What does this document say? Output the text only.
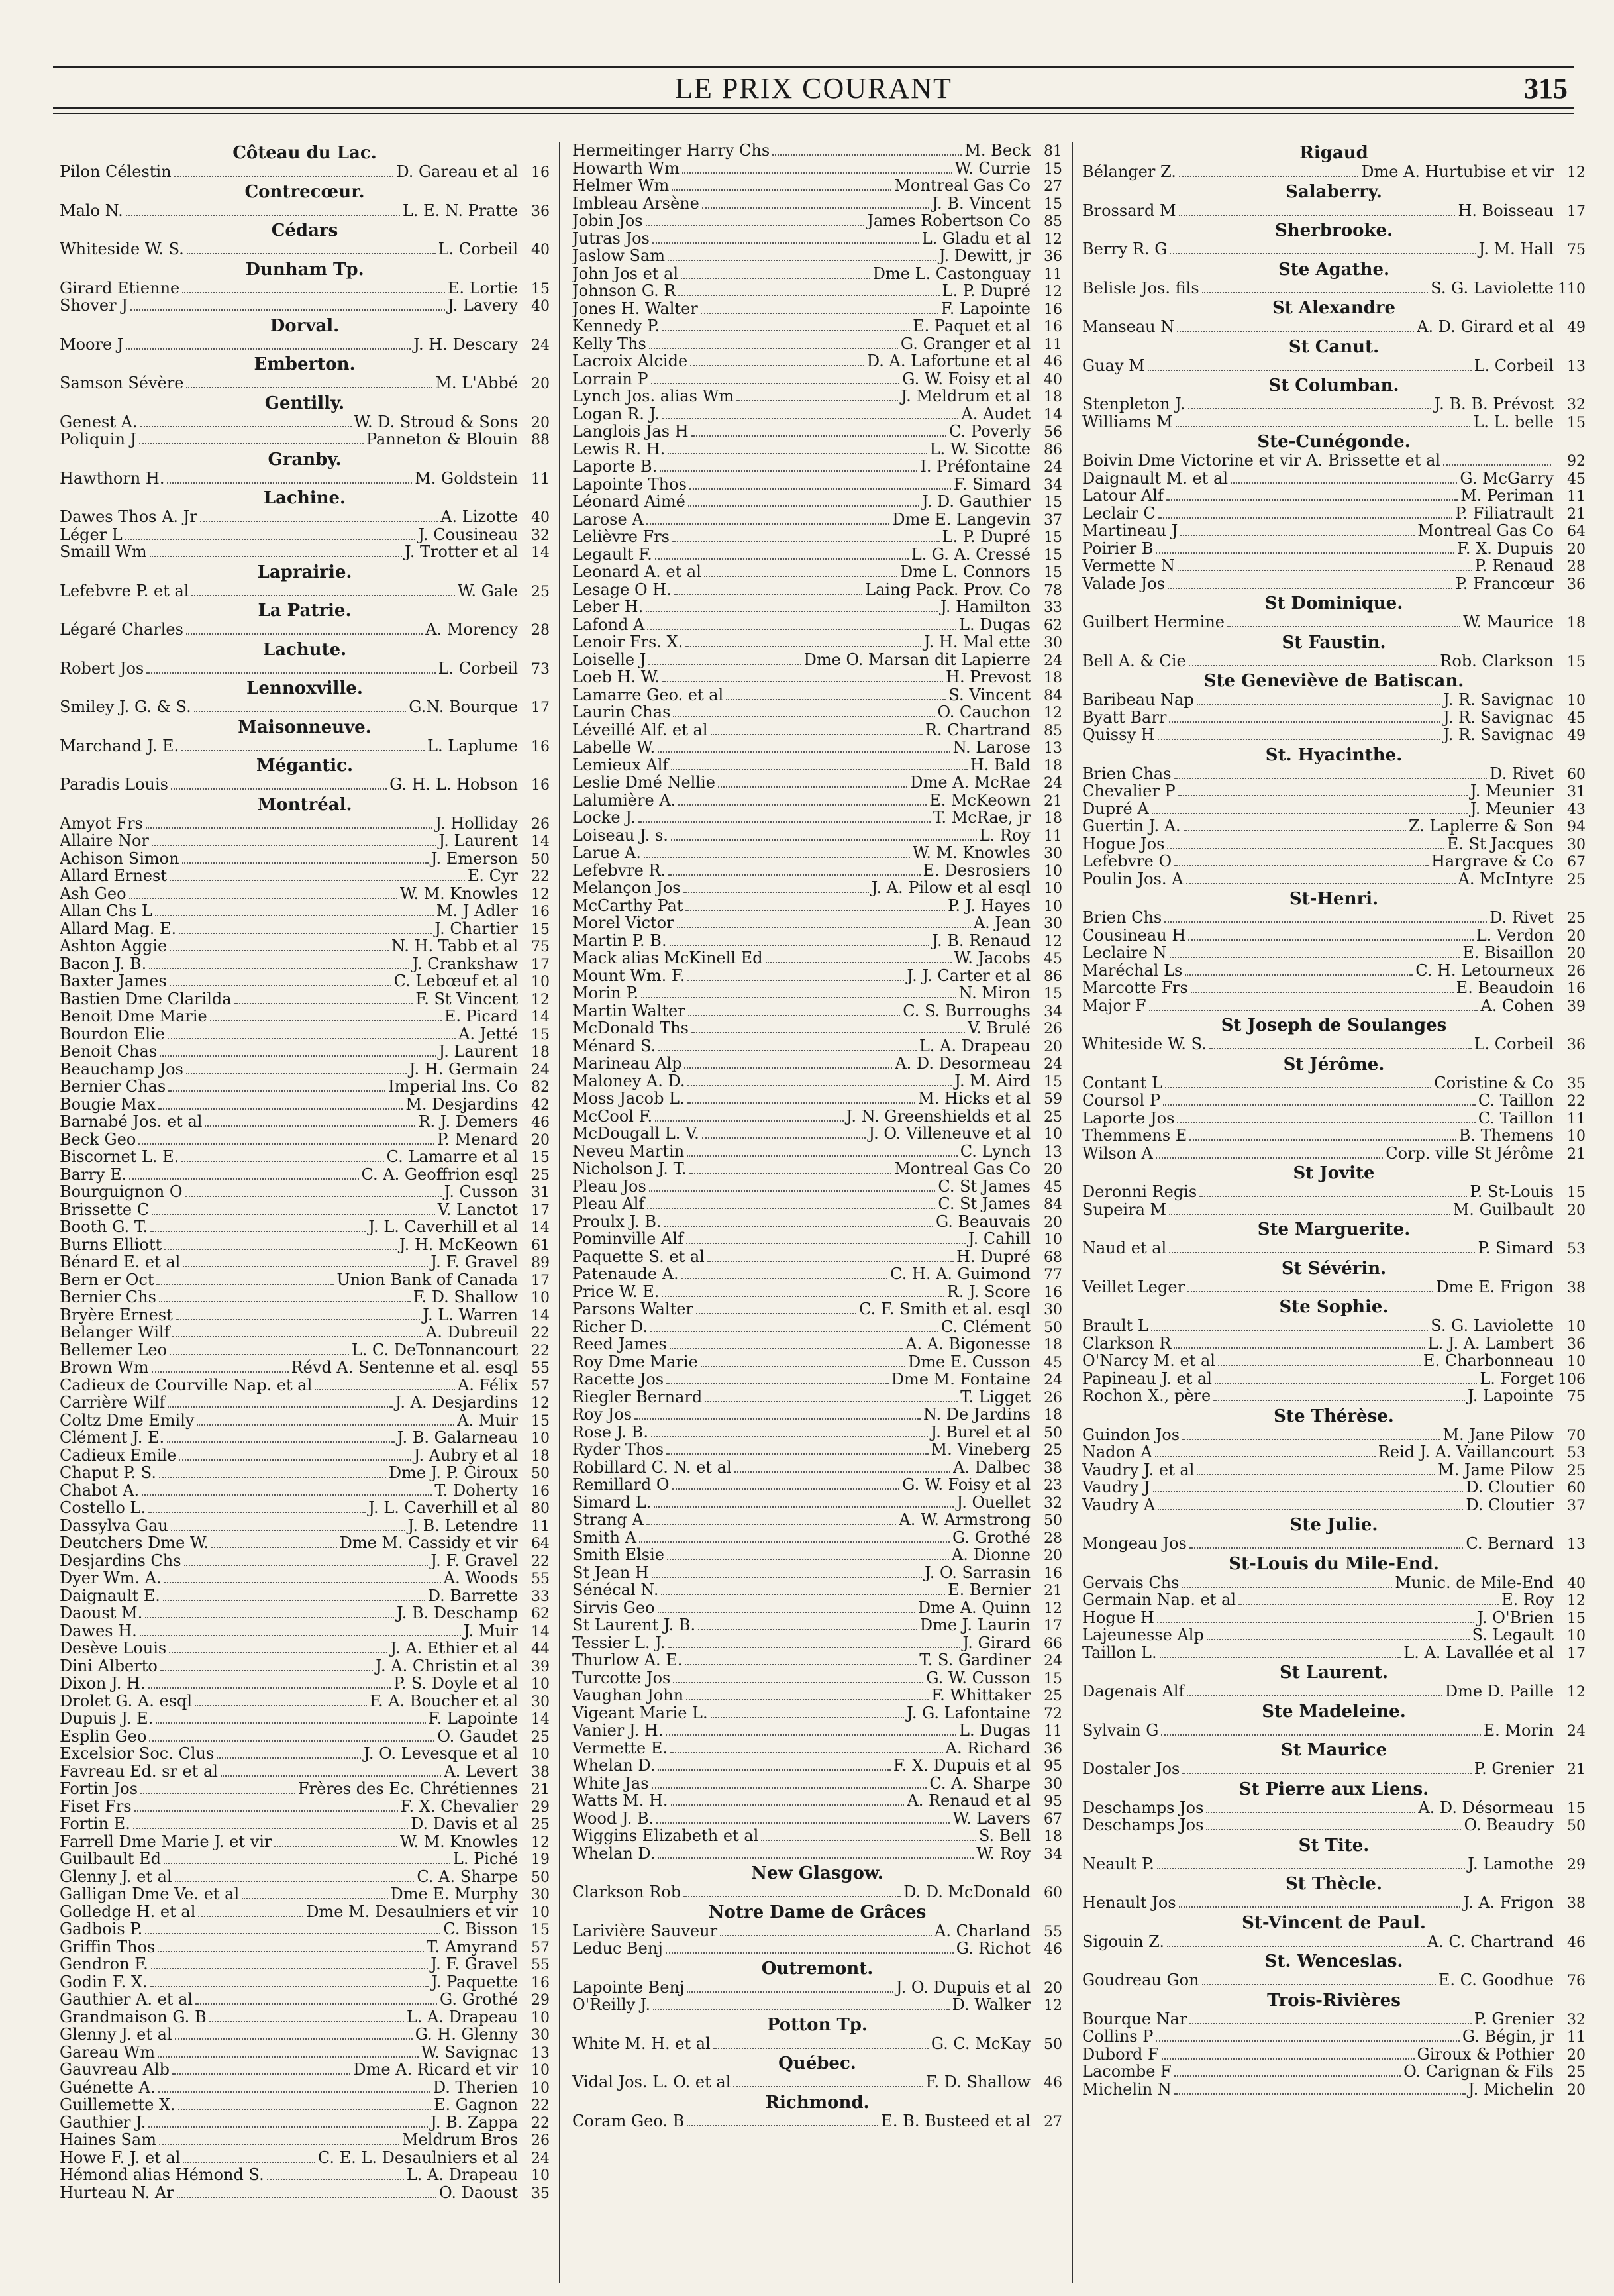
LE PRIX COURANT	315
Côteau du Lac.
Pilon Célestin	D. Gareau et al 16
Contrecœur.
Malo N.	L. E. N. Pratte 36
Cédars
Whiteside W. S.	L. Corbeil 40
Dunham Tp.
Girard Etienne	E. Lortie 15
Shover J	J. Lavery 40
Dorval.
Moore J	J. H. Descary 24
Emberton.
Samson Sévère	M. L'Abbé 20
Gentilly.
Genest A.	W. D. Stroud & Sons 20
Poliquin J	Panneton & Blouin 88
Granby.
Hawthorn H.	M. Goldstein 11
Lachine.
Dawes Thos A. Jr	A. Lizotte 40
Léger L	J. Cousineau 32
Smaill Wm	J. Trotter et al 14
Laprairie.
Lefebvre P. et al	W. Gale 25
La Patrie.
Légaré Charles	A. Morency 28
Lachute.
Robert Jos	L. Corbeil 73
Lennoxville.
Smiley J. G. & S.	G.N. Bourque 17
Maisonneuve.
Marchand J. E.	L. Laplume 16
Mégantic.
Paradis Louis	G. H. L. Hobson 16
Montréal.
Amyot Frs	J. Holliday 26
Allaire Nor	J. Laurent 14
Achison Simon	J. Emerson 50
Allard Ernest	E. Cyr 22
Ash Geo	W. M. Knowles 12
Allan Chs L	M. J Adler 16
Allard Mag. E.	J. Chartier 15
Ashton Aggie	N. H. Tabb et al 75
Bacon J. B.	J. Crankshaw 17
Baxter James	C. Lebœuf et al 10
Bastien Dme Clarilda	F. St Vincent 12
Benoit Dme Marie	E. Picard 14
Bourdon Elie	A. Jetté 15
Benoit Chas	J. Laurent 18
Beauchamp Jos	J. H. Germain 24
Bernier Chas	Imperial Ins. Co 82
Bougie Max	M. Desjardins 42
Barnabé Jos. et al	R. J. Demers 46
Beck Geo	P. Menard 20
Biscornet L. E.	C. Lamarre et al 15
Barry E.	C. A. Geoffrion esql 25
Bourguignon O	J. Cusson 31
Brissette C	V. Lanctot 17
Booth G. T.	J. L. Caverhill et al 14
Burns Elliott	J. H. McKeown 61
Bénard E. et al	J. F. Gravel 89
Bern er Oct	Union Bank of Canada 17
Bernier Chs	F. D. Shallow 10
Bryère Ernest	J. L. Warren 14
Belanger Wilf	A. Dubreuil 22
Bellemer Leo	L. C. DeTonnancourt 22
Brown Wm	Révd A. Sentenne et al. esql 55
Cadieux de Courville Nap. et al	A. Félix 57
Carrière Wilf	J. A. Desjardins 12
Coltz Dme Emily	A. Muir 15
Clément J. E.	J. B. Galarneau 10
Cadieux Emile	J. Aubry et al 18
Chaput P. S.	Dme J. P. Giroux 50
Chabot A.	T. Doherty 16
Costello L.	J. L. Caverhill et al 80
Dassylva Gau	J. B. Letendre 11
Deutchers Dme W.	Dme M. Cassidy et vir 64
Desjardins Chs	J. F. Gravel 22
Dyer Wm. A.	A. Woods 55
Daignault E.	D. Barrette 33
Daoust M.	J. B. Deschamp 62
Dawes H.	J. Muir 14
Desève Louis	J. A. Ethier et al 44
Dini Alberto	J. A. Christin et al 39
Dixon J. H.	P. S. Doyle et al 10
Drolet G. A. esql	F. A. Boucher et al 30
Dupuis J. E.	F. Lapointe 14
Esplin Geo	O. Gaudet 25
Excelsior Soc. Clus	J. O. Levesque et al 10
Favreau Ed. sr et al	A. Levert 38
Fortin Jos	Frères des Ec. Chrétiennes 21
Fiset Frs	F. X. Chevalier 29
Fortin E.	D. Davis et al 25
Farrell Dme Marie J. et vir	W. M. Knowles 12
Guilbault Ed	L. Piché 19
Glenny J. et al	C. A. Sharpe 50
Galligan Dme Ve. et al	Dme E. Murphy 30
Golledge H. et al	Dme M. Desaulniers et vir 10
Gadbois P.	C. Bisson 15
Griffin Thos	T. Amyrand 57
Gendron F.	J. F. Gravel 55
Godin F. X.	J. Paquette 16
Gauthier A. et al	G. Grothé 29
Grandmaison G. B	L. A. Drapeau 10
Glenny J. et al	G. H. Glenny 30
Gareau Wm	W. Savignac 13
Gauvreau Alb	Dme A. Ricard et vir 10
Guénette A.	D. Therien 10
Guillemette X.	E. Gagnon 22
Gauthier J.	J. B. Zappa 22
Haines Sam	Meldrum Bros 26
Howe F. J. et al	C. E. L. Desaulniers et al 24
Hémond alias Hémond S.	L. A. Drapeau 10
Hurteau N. Ar	O. Daoust 35
Hermeitinger Harry Chs	M. Beck 81
Howarth Wm	W. Currie 15
Helmer Wm	Montreal Gas Co 27
Imbleau Arsène	J. B. Vincent 15
Jobin Jos	James Robertson Co 85
Jutras Jos	L. Gladu et al 12
Jaslow Sam	J. Dewitt, jr 36
John Jos et al	Dme L. Castonguay 11
Johnson G. R	L. P. Dupré 12
Jones H. Walter	F. Lapointe 16
Kennedy P.	E. Paquet et al 16
Kelly Ths	G. Granger et al 11
Lacroix Alcide	D. A. Lafortune et al 46
Lorrain P	G. W. Foisy et al 40
Lynch Jos. alias Wm	J. Meldrum et al 18
Logan R. J.	A. Audet 14
Langlois Jas H	C. Poverly 56
Lewis R. H.	L. W. Sicotte 86
Laporte B.	I. Préfontaine 24
Lapointe Thos	F. Simard 34
Léonard Aimé	J. D. Gauthier 15
Larose A	Dme E. Langevin 37
Lelièvre Frs	L. P. Dupré 15
Legault F.	L. G. A. Cressé 15
Leonard A. et al	Dme L. Connors 15
Lesage O H.	Laing Pack. Prov. Co 78
Leber H.	J. Hamilton 33
Lafond A	L. Dugas 62
Lenoir Frs. X.	J. H. Mal ette 30
Loiselle J	Dme O. Marsan dit Lapierre 24
Loeb H. W.	H. Prevost 18
Lamarre Geo. et al	S. Vincent 84
Laurin Chas	O. Cauchon 12
Léveillé Alf. et al	R. Chartrand 85
Labelle W.	N. Larose 13
Lemieux Alf	H. Bald 18
Leslie Dmé Nellie	Dme A. McRae 24
Lalumière A.	E. McKeown 21
Locke J.	T. McRae, jr 18
Loiseau J. s.	L. Roy 11
Larue A.	W. M. Knowles 30
Lefebvre R.	E. Desrosiers 10
Melançon Jos	J. A. Pilow et al esql 10
McCarthy Pat	P. J. Hayes 10
Morel Victor	A. Jean 30
Martin P. B.	J. B. Renaud 12
Mack alias McKinell Ed	W. Jacobs 45
Mount Wm. F.	J. J. Carter et al 86
Morin P.	N. Miron 15
Martin Walter	C. S. Burroughs 34
McDonald Ths	V. Brulé 26
Ménard S.	L. A. Drapeau 20
Marineau Alp	A. D. Desormeau 24
Maloney A. D.	J. M. Aird 15
Moss Jacob L.	M. Hicks et al 59
McCool F.	J. N. Greenshields et al 25
McDougall L. V.	J. O. Villeneuve et al 10
Neveu Martin	C. Lynch 13
Nicholson J. T.	Montreal Gas Co 20
Pleau Jos	C. St James 45
Pleau Alf	C. St James 84
Proulx J. B.	G. Beauvais 20
Pominville Alf	J. Cahill 10
Paquette S. et al	H. Dupré 68
Patenaude A.	C. H. A. Guimond 77
Price W. E.	R. J. Score 16
Parsons Walter	C. F. Smith et al. esql 30
Richer D.	C. Clément 50
Reed James	A. A. Bigonesse 18
Roy Dme Marie	Dme E. Cusson 45
Racette Jos	Dme M. Fontaine 24
Riegler Bernard	T. Ligget 26
Roy Jos	N. De Jardins 18
Rose J. B.	J. Burel et al 50
Ryder Thos	M. Vineberg 25
Robillard C. N. et al	A. Dalbec 38
Remillard O	G. W. Foisy et al 23
Simard L.	J. Ouellet 32
Strang A	A. W. Armstrong 50
Smith A	G. Grothé 28
Smith Elsie	A. Dionne 20
St Jean H	J. O. Sarrasin 16
Sénécal N.	E. Bernier 21
Sirvis Geo	Dme A. Quinn 12
St Laurent J. B.	Dme J. Laurin 17
Tessier L. J.	J. Girard 66
Thurlow A. E.	T. S. Gardiner 24
Turcotte Jos	G. W. Cusson 15
Vaughan John	F. Whittaker 25
Vigeant Marie L.	J. G. Lafontaine 72
Vanier J. H.	L. Dugas 11
Vermette E.	A. Richard 36
Whelan D.	F. X. Dupuis et al 95
White Jas	C. A. Sharpe 30
Watts M. H.	A. Renaud et al 95
Wood J. B.	W. Lavers 67
Wiggins Elizabeth et al	S. Bell 18
Whelan D.	W. Roy 34
New Glasgow.
Clarkson Rob	D. D. McDonald 60
Notre Dame de Grâces
Larivière Sauveur	A. Charland 55
Leduc Benj	G. Richot 46
Outremont.
Lapointe Benj	J. O. Dupuis et al 20
O'Reilly J.	D. Walker 12
Potton Tp.
White M. H. et al	G. C. McKay 50
Québec.
Vidal Jos. L. O. et al	F. D. Shallow 46
Richmond.
Coram Geo. B	E. B. Busteed et al 27
Rigaud
Bélanger Z.	Dme A. Hurtubise et vir 12
Salaberry.
Brossard M	H. Boisseau 17
Sherbrooke.
Berry R. G	J. M. Hall 75
Ste Agathe.
Belisle Jos. fils	S. G. Laviolette 110
St Alexandre
Manseau N	A. D. Girard et al 49
St Canut.
Guay M	L. Corbeil 13
St Columban.
Stenpleton J.	J. B. B. Prévost 32
Williams M	L. L. belle 15
Ste-Cunégonde.
Boivin Dme Victorine et vir A. Brissette et al	92
Daignault M. et al	G. McGarry 45
Latour Alf	M. Periman 11
Leclair C	P. Filiatrault 21
Martineau J	Montreal Gas Co 64
Poirier B	F. X. Dupuis 20
Vermette N	P. Renaud 28
Valade Jos	P. Francœur 36
St Dominique.
Guilbert Hermine	W. Maurice 18
St Faustin.
Bell A. & Cie	Rob. Clarkson 15
Ste Geneviève de Batiscan.
Baribeau Nap	J. R. Savignac 10
Byatt Barr	J. R. Savignac 45
Quissy H	J. R. Savignac 49
St. Hyacinthe.
Brien Chas	D. Rivet 60
Chevalier P	J. Meunier 31
Dupré A	J. Meunier 43
Guertin J. A.	Z. Laplerre & Son 94
Hogue Jos	E. St Jacques 30
Lefebvre O	Hargrave & Co 67
Poulin Jos. A	A. McIntyre 25
St-Henri.
Brien Chs	D. Rivet 25
Cousineau H	L. Verdon 20
Leclaire N	E. Bisaillon 20
Maréchal Ls	C. H. Letourneux 26
Marcotte Frs	E. Beaudoin 16
Major F	A. Cohen 39
St Joseph de Soulanges
Whiteside W. S.	L. Corbeil 36
St Jérôme.
Contant L	Coristine & Co 35
Coursol P	C. Taillon 22
Laporte Jos	C. Taillon 11
Themmens E	B. Themens 10
Wilson A	Corp. ville St Jérôme 21
St Jovite
Deronni Regis	P. St-Louis 15
Supeira M	M. Guilbault 20
Ste Marguerite.
Naud et al	P. Simard 53
St Sévérin.
Veillet Leger	Dme E. Frigon 38
Ste Sophie.
Brault L	S. G. Laviolette 10
Clarkson R	L. J. A. Lambert 36
O'Narcy M. et al	E. Charbonneau 10
Papineau J. et al	L. Forget 106
Rochon X., père	J. Lapointe 75
Ste Thérèse.
Guindon Jos	M. Jane Pilow 70
Nadon A	Reid J. A. Vaillancourt 53
Vaudry J. et al	M. Jame Pilow 25
Vaudry J	D. Cloutier 60
Vaudry A	D. Cloutier 37
Ste Julie.
Mongeau Jos	C. Bernard 13
St-Louis du Mile-End.
Gervais Chs	Munic. de Mile-End 40
Germain Nap. et al	E. Roy 12
Hogue H	J. O'Brien 15
Lajeunesse Alp	S. Legault 10
Taillon L.	L. A. Lavallée et al 17
St Laurent.
Dagenais Alf	Dme D. Paille 12
Ste Madeleine.
Sylvain G	E. Morin 24
St Maurice
Dostaler Jos	P. Grenier 21
St Pierre aux Liens.
Deschamps Jos	A. D. Désormeau 15
Deschamps Jos	O. Beaudry 50
St Tite.
Neault P.	J. Lamothe 29
St Thècle.
Henault Jos	J. A. Frigon 38
St-Vincent de Paul.
Sigouin Z.	A. C. Chartrand 46
St. Wenceslas.
Goudreau Gon	E. C. Goodhue 76
Trois-Rivières
Bourque Nar	P. Grenier 32
Collins P	G. Bégin, jr 11
Dubord F	Giroux & Pothier 20
Lacombe F	O. Carignan & Fils 25
Michelin N	J. Michelin 20
